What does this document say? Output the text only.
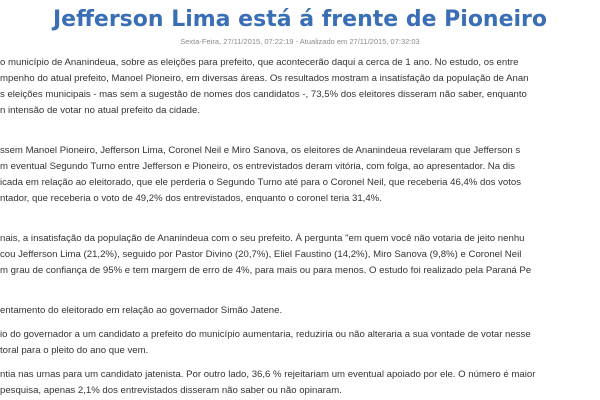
Jefferson Lima está á frente de Pioneiro
Sexta-Feira, 27/11/2015, 07:22:19 - Atualizado em 27/11/2015, 07:32:03
o município de Ananindeua, sobre as eleições para prefeito, que acontecerão daqui a cerca de 1 ano. No estudo, os entre
mpenho do atual prefeito, Manoel Pioneiro, em diversas áreas. Os resultados mostram a insatisfação da população de Anan
s eleições municipais - mas sem a sugestão de nomes dos candidatos -, 73,5% dos eleitores disseram não saber, enquanto
n intensão de votar no atual prefeito da cidade.
ssem Manoel Pioneiro, Jefferson Lima, Coronel Neil e Miro Sanova, os eleitores de Ananindeua revelaram que Jefferson s
m eventual Segundo Turno entre Jefferson e Pioneiro, os entrevistados deram vitória, com folga, ao apresentador. Na dis
icada em relação ao eleitorado, que ele perderia o Segundo Turno até para o Coronel Neil, que receberia 46,4% dos votos
ntador, que receberia o voto de 49,2% dos entrevistados, enquanto o coronel teria 31,4%.
nais, a insatisfação da população de Ananindeua com o seu prefeito. À pergunta "em quem você não votaria de jeito nenhu
cou Jefferson Lima (21,2%), seguido por Pastor Divino (20,7%), Eliel Faustino (14,2%), Miro Sanova (9,8%) e Coronel Neil
m grau de confiança de 95% e tem margem de erro de 4%, para mais ou para menos. O estudo foi realizado pela Paraná Pe
entamento do eleitorado em relação ao governador Simão Jatene.
io do governador a um candidato a prefeito do município aumentaria, reduziria ou não alteraria a sua vontade de votar nesse
toral para o pleito do ano que vem.
ntia nas urnas para um candidato jatenista. Por outro lado, 36,6 % rejeitariam um eventual apoiado por ele. O número é maior
pesquisa, apenas 2,1% dos entrevistados disseram não saber ou não opinaram.
